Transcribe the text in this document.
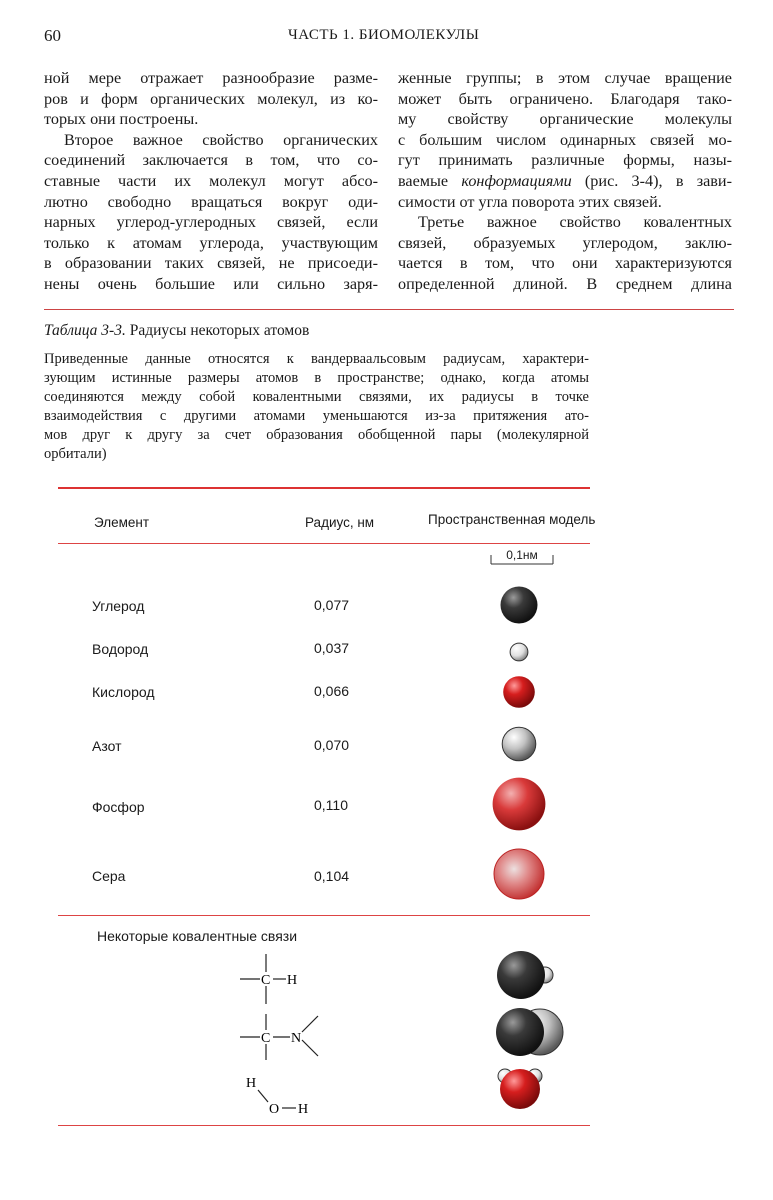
60	ЧАСТЬ 1. БИОМОЛЕКУЛЫ

ной мере отражает разнообразие разме-
ров и форм органических молекул, из ко-
торых они построены.

Второе важное свойство органических
соединений заключается в том, что со-
ставные части их молекул могут абсо-
лютно свободно вращаться вокруг оди-
нарных углерод-углеродных связей, если
только к атомам углерода, участвующим
в образовании таких связей, не присоеди-
нены очень большие или сильно заря-

женные группы; в этом случае вращение
может быть ограничено. Благодаря тако-
му свойству органические молекулы
с большим числом одинарных связей мо-
гут принимать различные формы, назы-
ваемые конформациями (рис. 3-4), в зави-
симости от угла поворота этих связей.

Третье важное свойство ковалентных
связей, образуемых углеродом, заклю-
чается в том, что они характеризуются
определенной длиной. В среднем длина

Таблица 3-3. Радиусы некоторых атомов
Приведенные данные относятся к вандерваальсовым радиусам, характери-
зующим истинные размеры атомов в пространстве; однако, когда атомы
соединяются между собой ковалентными связями, их радиусы в точке
взаимодействия с другими атомами уменьшаются из-за притяжения ато-
мов друг к другу за счет образования обобщенной пары (молекулярной
орбитали)
Элемент	Радиус, нм	Пространственная модель
0,1нм
Углерод	0,077
Водород	0,037
Кислород	0,066
Азот	0,070
Фосфор	0,110
Сера	0,104
Некоторые ковалентные связи
C H
C N
H
O H
